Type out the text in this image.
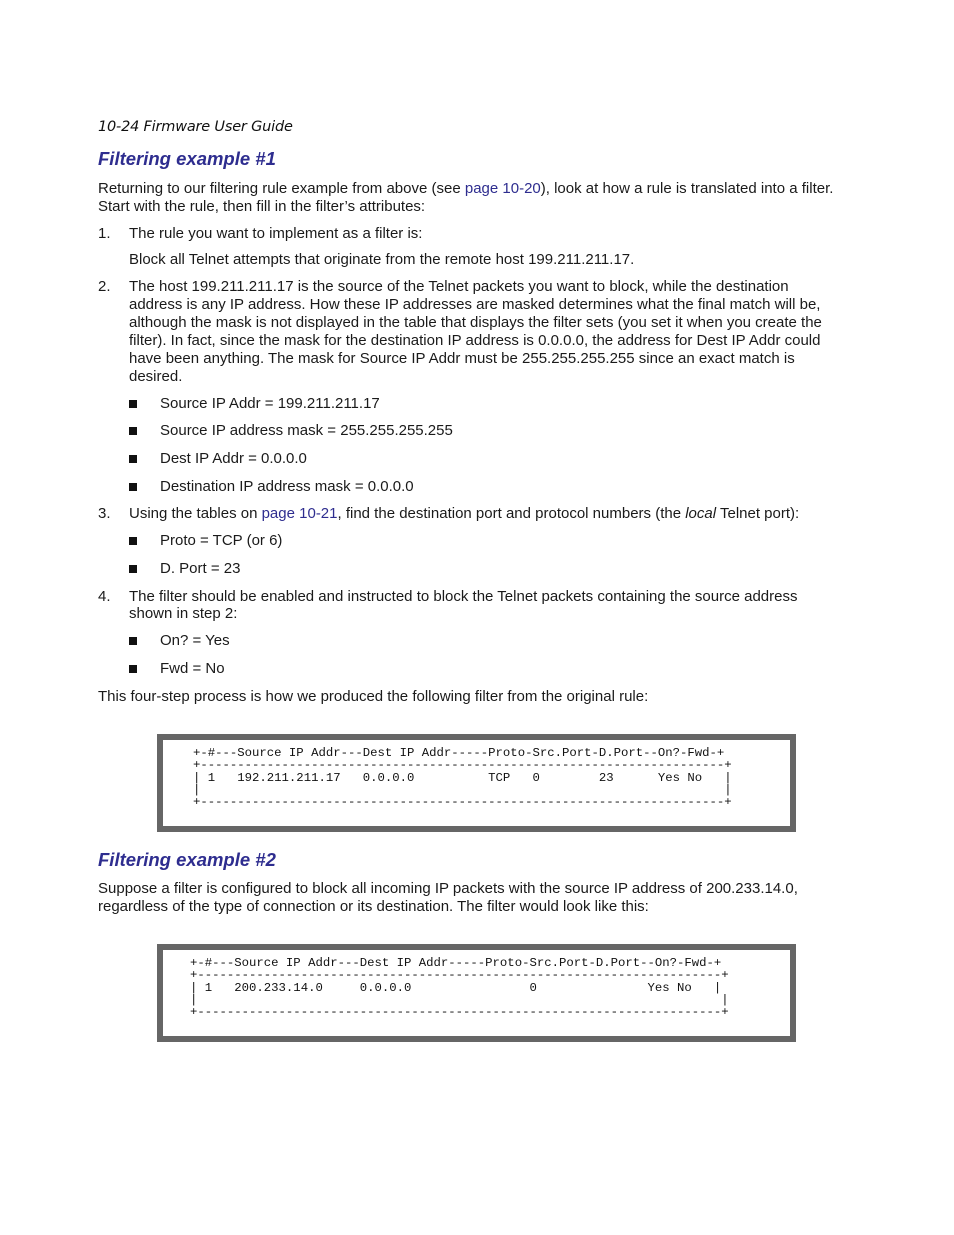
10-24 Firmware User Guide
Filtering example #1

Returning to our filtering rule example from above (see page 10-20), look at how a rule is translated into a filter.

Start with the rule, then fill in the filter’s attributes:

1. The rule you want to implement as a filter is:

Block all Telnet attempts that originate from the remote host 199.211.211.17.

2. The host 199.211.211.17 is the source of the Telnet packets you want to block, while the destination

address is any IP address. How these IP addresses are masked determines what the final match will be,

although the mask is not displayed in the table that displays the filter sets (you set it when you create the

filter). In fact, since the mask for the destination IP address is 0.0.0.0, the address for Dest IP Addr could

have been anything. The mask for Source IP Addr must be 255.255.255.255 since an exact match is

desired.

Source IP Addr = 199.211.211.17

Source IP address mask = 255.255.255.255

Dest IP Addr = 0.0.0.0

Destination IP address mask = 0.0.0.0

3. Using the tables on page 10-21, find the destination port and protocol numbers (the local Telnet port):

Proto = TCP (or 6)

D. Port = 23

4. The filter should be enabled and instructed to block the Telnet packets containing the source address

shown in step 2:

On? = Yes

Fwd = No

This four-step process is how we produced the following filter from the original rule:

Filtering example #2

Suppose a filter is configured to block all incoming IP packets with the source IP address of 200.233.14.0,

regardless of the type of connection or its destination. The filter would look like this:

+-#---Source IP Addr---Dest IP Addr-----Proto-Src.Port-D.Port--On?-Fwd-+
+-----------------------------------------------------------------------+
| 1   192.211.211.17   0.0.0.0          TCP   0        23      Yes No   |
|                                                                       |
+-----------------------------------------------------------------------+
+-#---Source IP Addr---Dest IP Addr-----Proto-Src.Port-D.Port--On?-Fwd-+
+-----------------------------------------------------------------------+
| 1   200.233.14.0     0.0.0.0                0               Yes No   |
|                                                                       |
+-----------------------------------------------------------------------+
